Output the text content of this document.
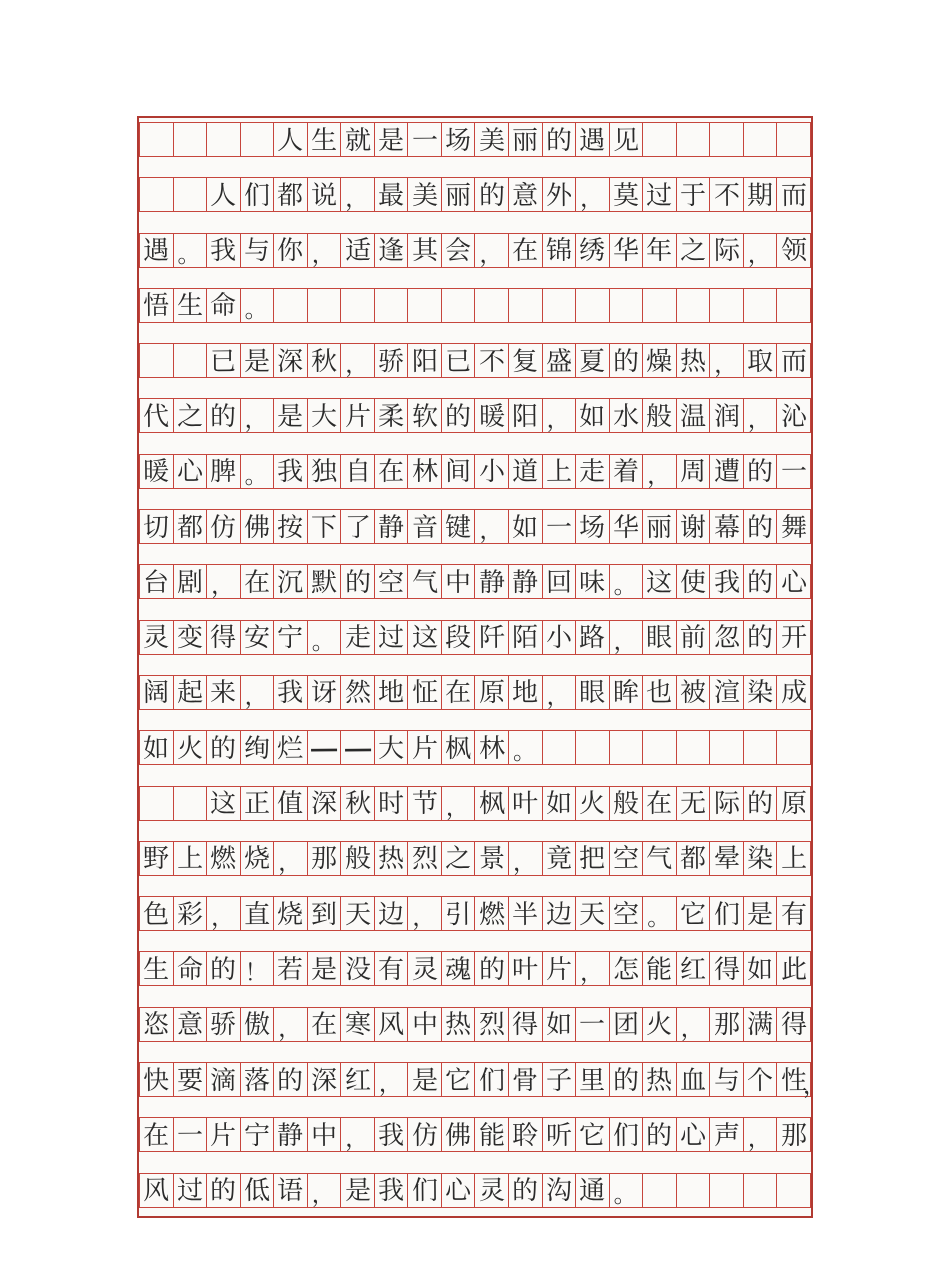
人 生 就 是 一 场 美 丽 的 遇 见
人 们 都 说 ， 最 美 丽 的 意 外 ， 莫 过 于 不 期 而
遇 。 我 与 你 ， 适 逢 其 会 ， 在 锦 绣 华 年 之 际 ， 领
悟 生 命 。
已 是 深 秋 ， 骄 阳 已 不 复 盛 夏 的 燥 热 ， 取 而
代 之 的 ， 是 大 片 柔 软 的 暖 阳 ， 如 水 般 温 润 ， 沁
暖 心 脾 。 我 独 自 在 林 间 小 道 上 走 着 ， 周 遭 的 一
切 都 仿 佛 按 下 了 静 音 键 ， 如 一 场 华 丽 谢 幕 的 舞
台 剧 ， 在 沉 默 的 空 气 中 静 静 回 味 。 这 使 我 的 心
灵 变 得 安 宁 。 走 过 这 段 阡 陌 小 路 ， 眼 前 忽 的 开
阔 起 来 ， 我 讶 然 地 怔 在 原 地 ， 眼 眸 也 被 渲 染 成
如 火 的 绚 烂 — — 大 片 枫 林 。
这 正 值 深 秋 时 节 ， 枫 叶 如 火 般 在 无 际 的 原
野 上 燃 烧 ， 那 般 热 烈 之 景 ， 竟 把 空 气 都 晕 染 上
色 彩 ， 直 烧 到 天 边 ， 引 燃 半 边 天 空 。 它 们 是 有
生 命 的 ！ 若 是 没 有 灵 魂 的 叶 片 ， 怎 能 红 得 如 此
恣 意 骄 傲 ， 在 寒 风 中 热 烈 得 如 一 团 火 ， 那 满 得
快 要 滴 落 的 深 红 ， 是 它 们 骨 子 里 的 热 血 与 个 性
，
在 一 片 宁 静 中 ， 我 仿 佛 能 聆 听 它 们 的 心 声 ， 那
风 过 的 低 语 ， 是 我 们 心 灵 的 沟 通 。
